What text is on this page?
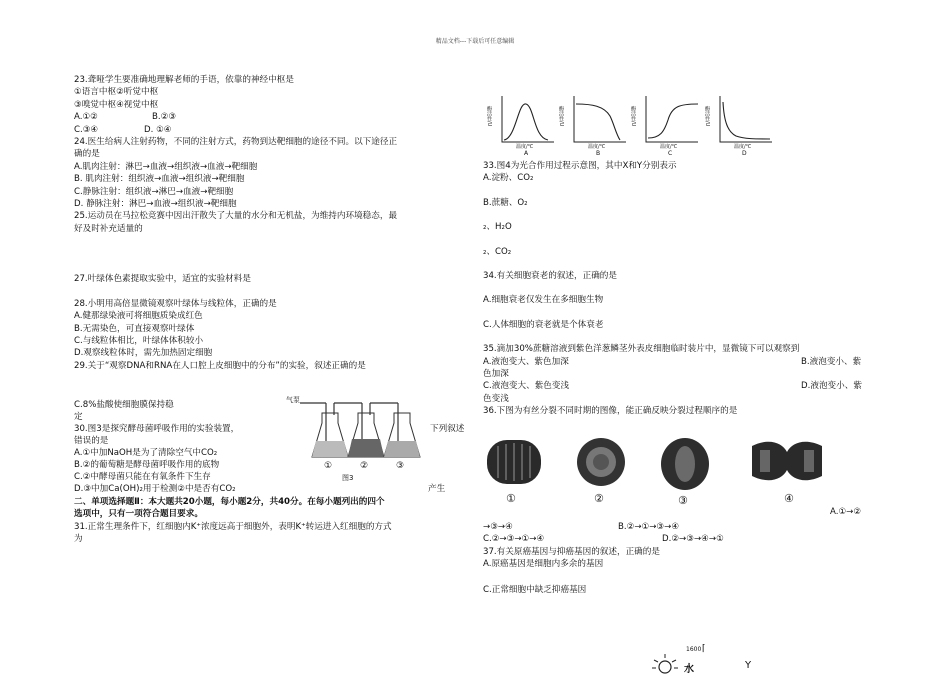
精品文档---下载后可任意编辑
23.聋哑学生要准确地理解老师的手语，依靠的神经中枢是
①语言中枢②听觉中枢
③嗅觉中枢④视觉中枢
A.①②	B.②③
C.③④	D. ①④
24.医生给病人注射药物，不同的注射方式，药物到达靶细胞的途径不同。以下途径正
确的是
A.肌肉注射：淋巴→血液→组织液→血液→靶细胞
B. 肌肉注射：组织液→血液→组织液→靶细胞
C.静脉注射：组织液→淋巴→血液→靶细胞
D. 静脉注射：淋巴→血液→组织液→靶细胞
25.运动员在马拉松竞赛中因出汗散失了大量的水分和无机盐，为维持内环境稳态，最
好及时补充适量的
27.叶绿体色素提取实验中，适宜的实验材料是
28.小明用高倍显微镜观察叶绿体与线粒体，正确的是
A.健那绿染液可将细胞质染成红色
B.无需染色，可直接观察叶绿体
C.与线粒体相比，叶绿体体积较小
D.观察线粒体时，需先加热固定细胞
29.关于“观察DNA和RNA在人口腔上皮细胞中的分布”的实验，叙述正确的是
C.8%盐酸使细胞膜保持稳
定
30.图3是探究酵母菌呼吸作用的实验装置，	下列叙述
错误的是
A.①中加NaOH是为了清除空气中CO₂
B.②的葡萄糖是酵母菌呼吸作用的底物
C.②中酵母菌只能在有氧条件下生存
D.③中加Ca(OH)₂用于检测②中是否有CO₂	产生
二、单项选择题Ⅱ：本大题共20小题，每小题2分，共40分。在每小题列出的四个
选项中，只有一项符合题目要求。
31.正常生理条件下，红细胞内K⁺浓度远高于细胞外，表明K⁺转运进入红细胞的方式
为
气泵
①	②	③
图3
酶活性/U
温度/℃
A
酶活性/U
温度/℃
B
酶活性/U
温度/℃
C
酶活性/U
温度/℃
D
33.图4为光合作用过程示意图，其中X和Y分别表示
A.淀粉、CO₂
B.蔗糖、O₂
₂、H₂O
₂、CO₂
34.有关细胞衰老的叙述，正确的是
A.细胞衰老仅发生在多细胞生物
C.人体细胞的衰老就是个体衰老
35.滴加30%蔗糖溶液到紫色洋葱鳞茎外表皮细胞临时装片中，显微镜下可以观察到
A.液泡变大、紫色加深	B.液泡变小、紫
色加深
C.液泡变大、紫色变浅	D.液泡变小、紫
色变浅
36.下图为有丝分裂不同时期的图像，能正确反映分裂过程顺序的是
①	②	③	④
A.①→②
→③→④	B.②→①→③→④
C.②→③→①→④	D.②→③→④→①
37.有关原癌基因与抑癌基因的叙述，正确的是
A.原癌基因是细胞内多余的基因
C.正常细胞中缺乏抑癌基因
1600 ⌈
水	Y
